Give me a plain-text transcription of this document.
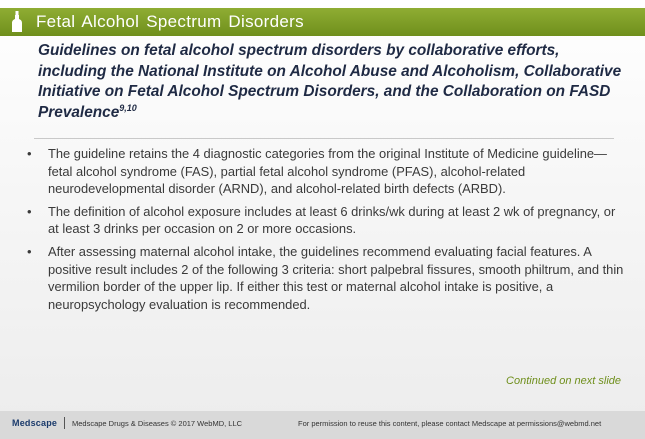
Fetal Alcohol Spectrum Disorders
Guidelines on fetal alcohol spectrum disorders by collaborative efforts, including the National Institute on Alcohol Abuse and Alcoholism, Collaborative Initiative on Fetal Alcohol Spectrum Disorders, and the Collaboration on FASD Prevalence$^{9,10}$
• The guideline retains the 4 diagnostic categories from the original Institute of Medicine guideline—fetal alcohol syndrome (FAS), partial fetal alcohol syndrome (PFAS), alcohol-related neurodevelopmental disorder (ARND), and alcohol-related birth defects (ARBD).
• The definition of alcohol exposure includes at least 6 drinks/wk during at least 2 wk of pregnancy, or at least 3 drinks per occasion on 2 or more occasions.
• After assessing maternal alcohol intake, the guidelines recommend evaluating facial features. A positive result includes 2 of the following 3 criteria: short palpebral fissures, smooth philtrum, and thin vermilion border of the upper lip. If either this test or maternal alcohol intake is positive, a neuropsychology evaluation is recommended.
Continued on next slide
Medscape Medscape Drugs & Diseases © 2017 WebMD, LLC	For permission to reuse this content, please contact Medscape at permissions@webmd.net
